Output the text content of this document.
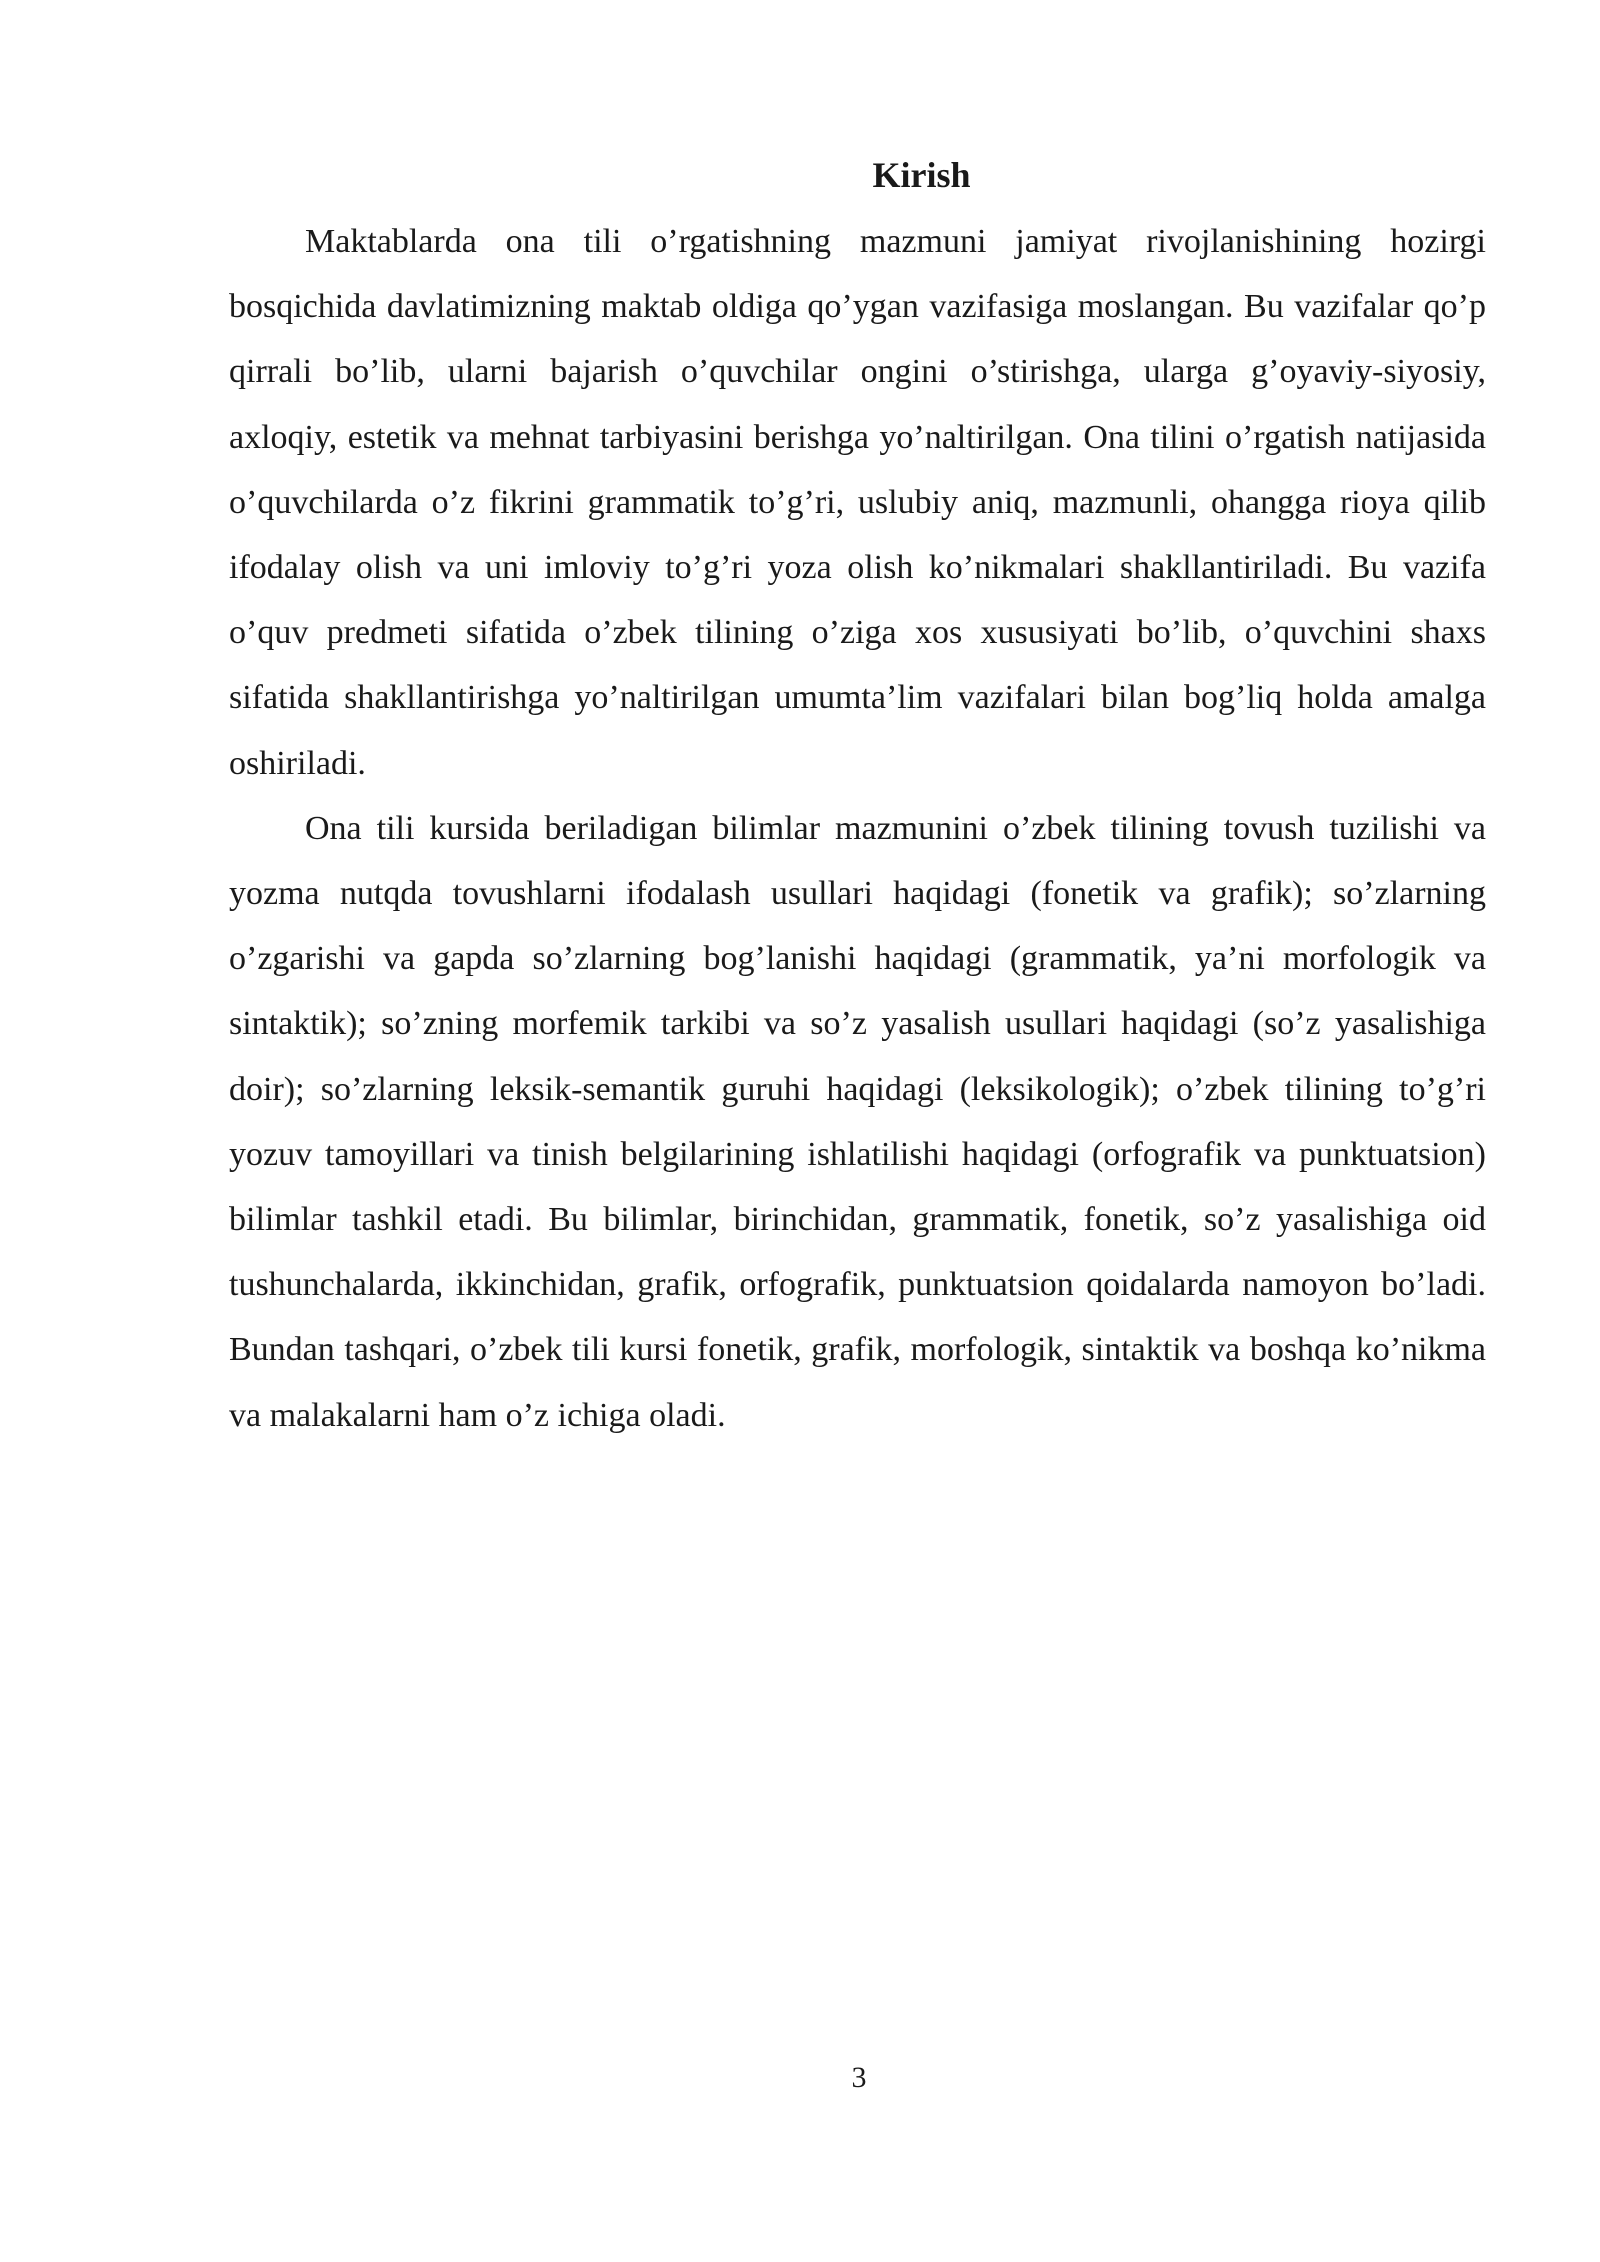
Kirish

Maktablarda ona tili o’rgatishning mazmuni jamiyat rivojlanishining hozirgi bosqichida davlatimizning maktab oldiga qo’ygan vazifasiga moslangan. Bu vazifalar qo’p qirrali bo’lib, ularni bajarish o’quvchilar ongini o’stirishga, ularga g’oyaviy-siyosiy, axloqiy, estetik va mehnat tarbiyasini berishga yo’naltirilgan. Ona tilini o’rgatish natijasida o’quvchilarda o’z fikrini grammatik to’g’ri, uslubiy aniq, mazmunli, ohangga rioya qilib ifodalay olish va uni imloviy to’g’ri yoza olish ko’nikmalari shakllantiriladi. Bu vazifa o’quv predmeti sifatida o’zbek tilining o’ziga xos xususiyati bo’lib, o’quvchini shaxs sifatida shakllantirishga yo’naltirilgan umumta’lim vazifalari bilan bog’liq holda amalga oshiriladi.

Ona tili kursida beriladigan bilimlar mazmunini o’zbek tilining tovush tuzilishi va yozma nutqda tovushlarni ifodalash usullari haqidagi (fonetik va grafik); so’zlarning o’zgarishi va gapda so’zlarning bog’lanishi haqidagi (grammatik, ya’ni morfologik va sintaktik); so’zning morfemik tarkibi va so’z yasalish usullari haqidagi (so’z yasalishiga doir); so’zlarning leksik-semantik guruhi haqidagi (leksikologik); o’zbek tilining to’g’ri yozuv tamoyillari va tinish belgilarining ishlatilishi haqidagi (orfografik va punktuatsion) bilimlar tashkil etadi. Bu bilimlar, birinchidan, grammatik, fonetik, so’z yasalishiga oid tushunchalarda, ikkinchidan, grafik, orfografik, punktuatsion qoidalarda namoyon bo’ladi. Bundan tashqari, o’zbek tili kursi fonetik, grafik, morfologik, sintaktik va boshqa ko’nikma va malakalarni ham o’z ichiga oladi.

3
